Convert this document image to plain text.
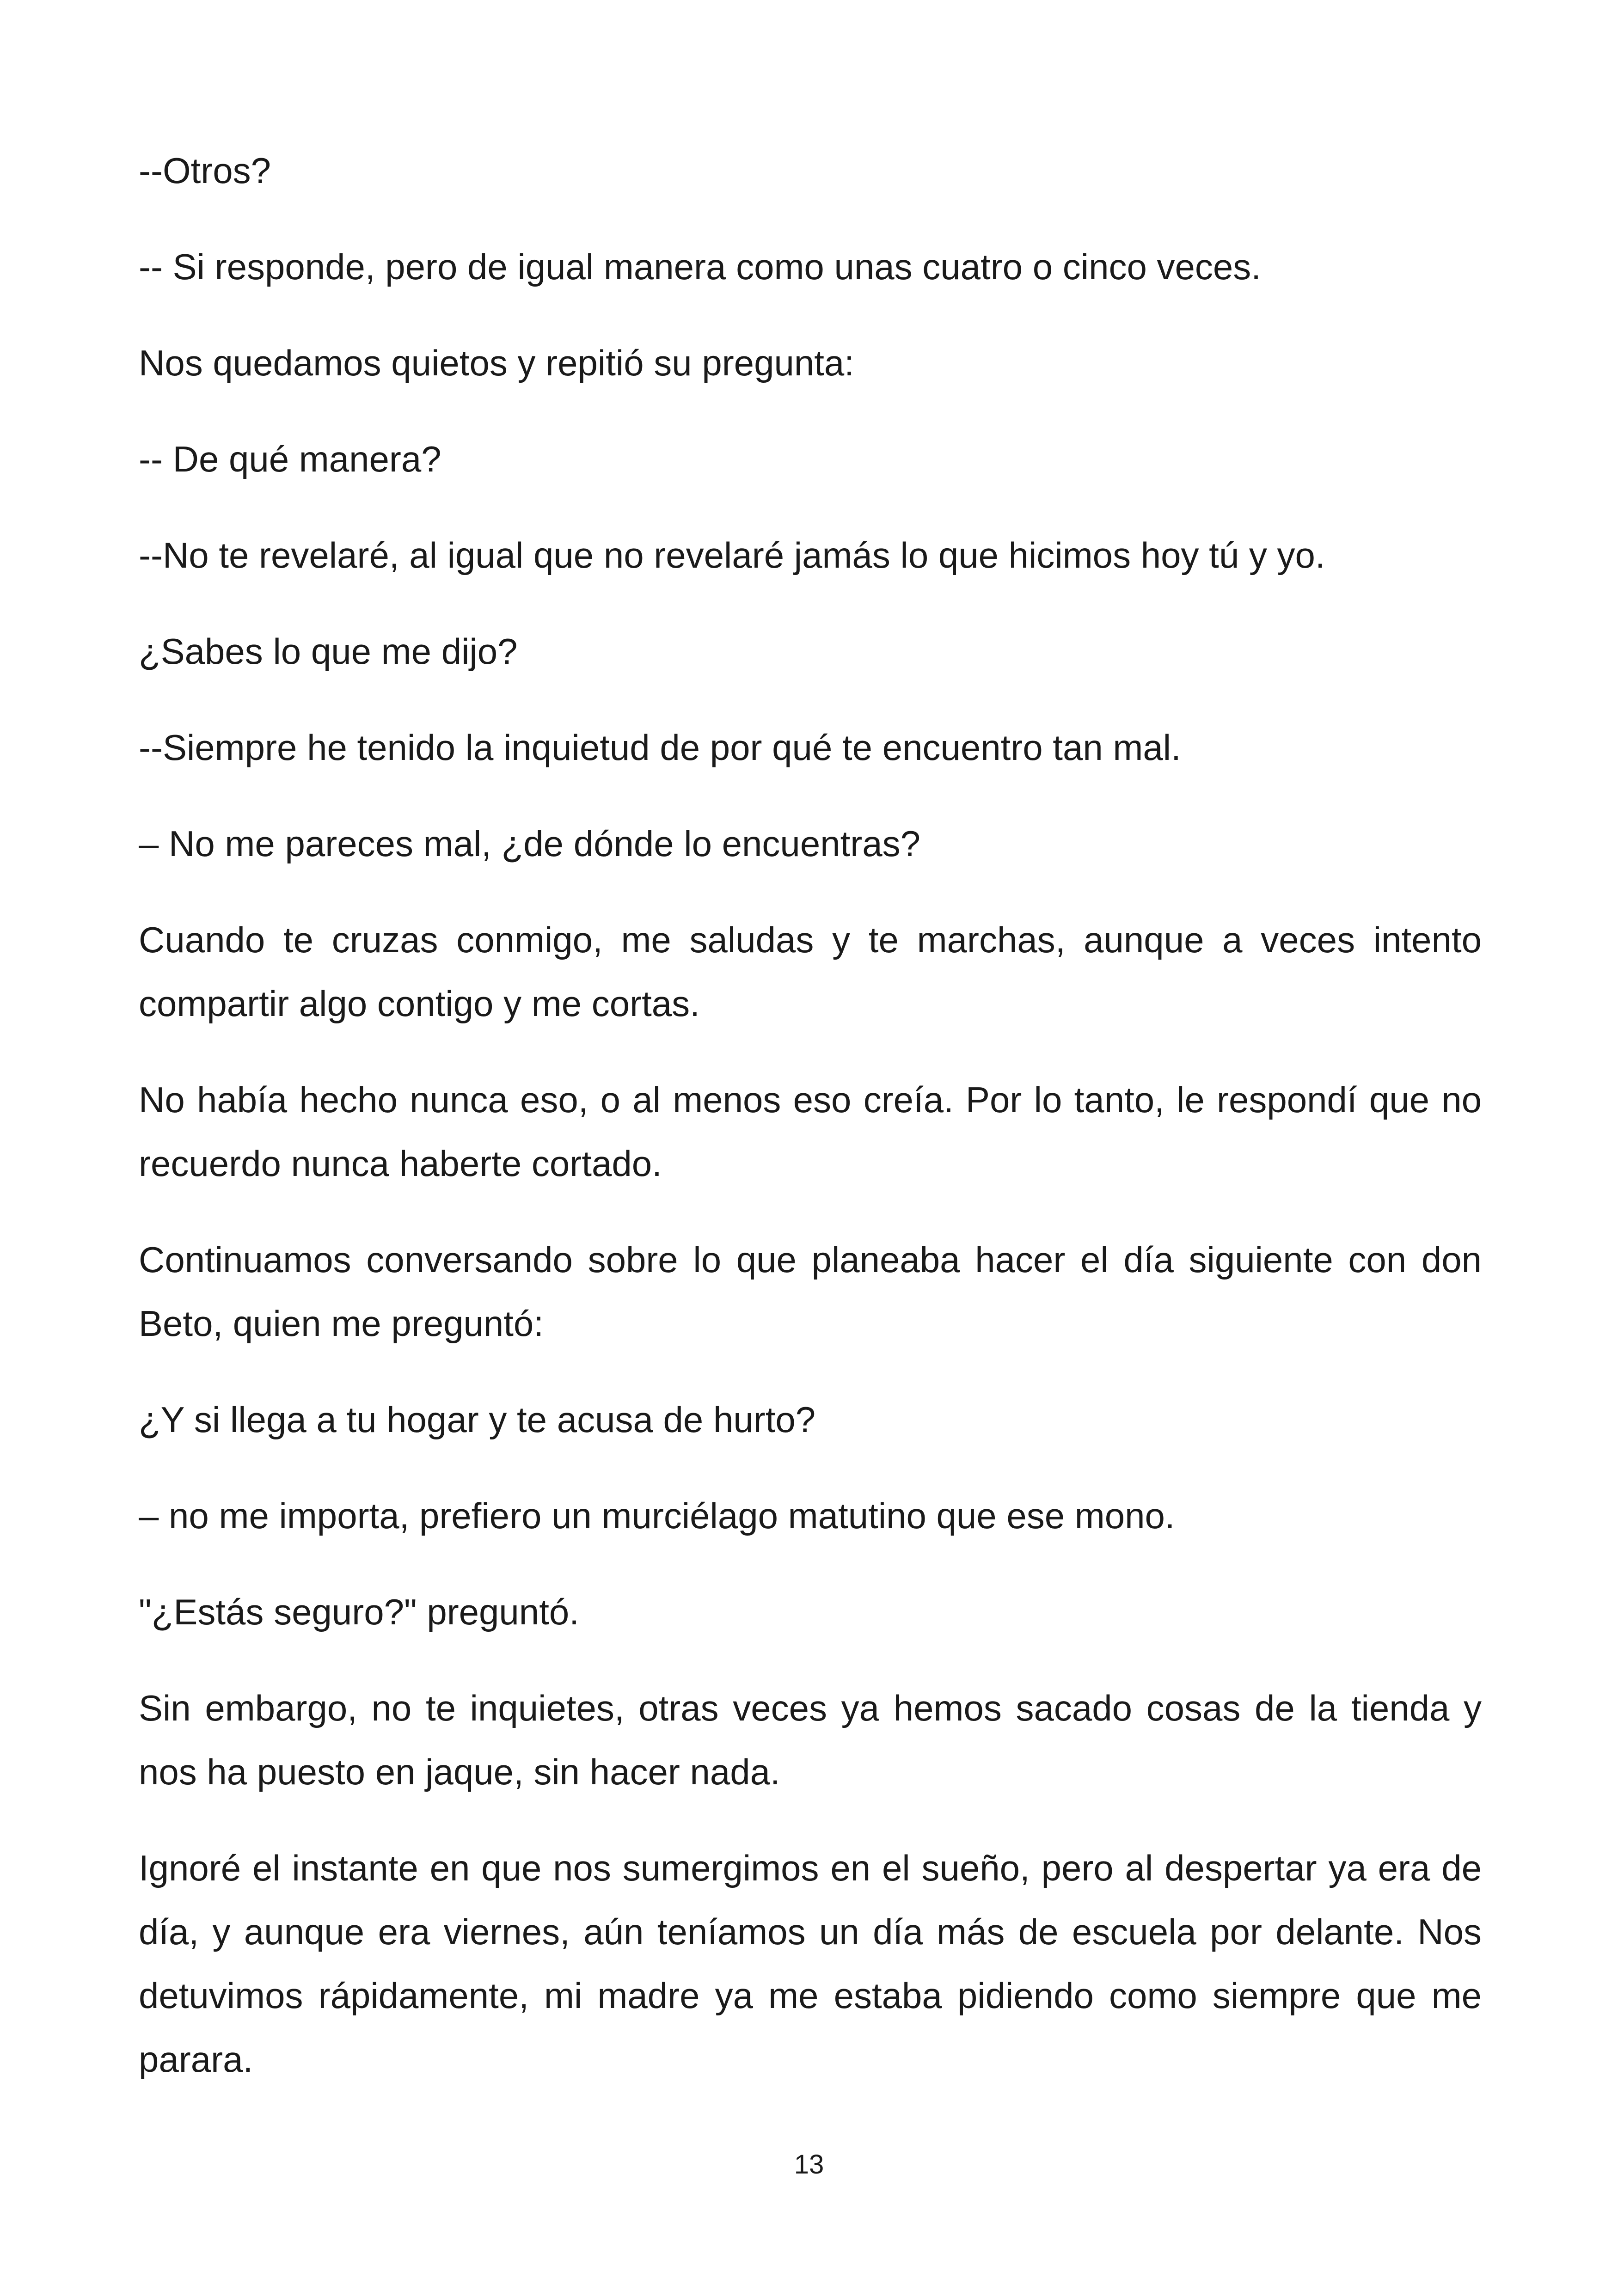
--Otros?

-- Si responde, pero de igual manera como unas cuatro o cinco veces.

Nos quedamos quietos y repitió su pregunta:

-- De qué manera?

--No te revelaré, al igual que no revelaré jamás lo que hicimos hoy tú y yo.

¿Sabes lo que me dijo?

--Siempre he tenido la inquietud de por qué te encuentro tan mal.

– No me pareces mal, ¿de dónde lo encuentras?

Cuando te cruzas conmigo, me saludas y te marchas, aunque a veces intento compartir algo contigo y me cortas.

No había hecho nunca eso, o al menos eso creía. Por lo tanto, le respondí que no recuerdo nunca haberte cortado.

Continuamos conversando sobre lo que planeaba hacer el día siguiente con don Beto, quien me preguntó:

¿Y si llega a tu hogar y te acusa de hurto?

– no me importa, prefiero un murciélago matutino que ese mono.

"¿Estás seguro?" preguntó.

Sin embargo, no te inquietes, otras veces ya hemos sacado cosas de la tienda y nos ha puesto en jaque, sin hacer nada.

Ignoré el instante en que nos sumergimos en el sueño, pero al despertar ya era de día, y aunque era viernes, aún teníamos un día más de escuela por delante. Nos detuvimos rápidamente, mi madre ya me estaba pidiendo como siempre que me parara.

13
